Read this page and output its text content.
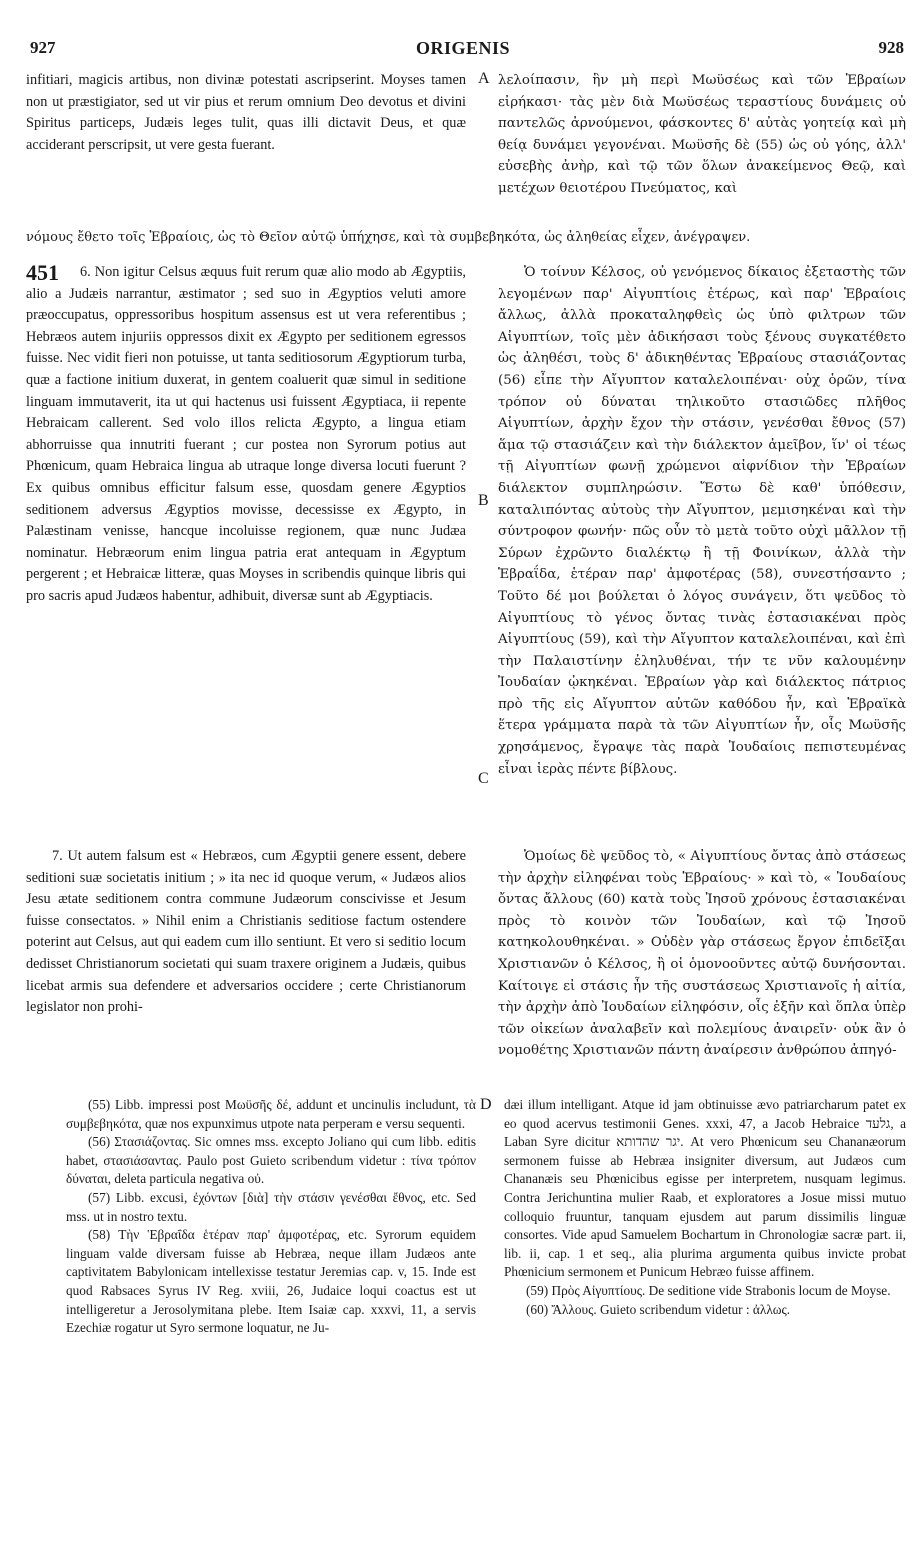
927	ORIGENIS	928

infitiari, magicis artibus, non divinæ potestati ascripserint. Moyses tamen non ut præstigiator, sed ut vir pius et rerum omnium Deo devotus et divini Spiritus particeps, Judæis leges tulit, quas illi dictavit Deus, et quæ acciderant perscripsit, ut vere gesta fuerant.

A λελοίπασιν, ἣν μὴ περὶ Μωϋσέως καὶ τῶν Ἑβραίων εἰρήκασι· τὰς μὲν διὰ Μωϋσέως τεραστίους δυνάμεις οὐ παντελῶς ἀρνούμενοι, φάσκοντες δ' αὐτὰς γοητείᾳ καὶ μὴ θείᾳ δυνάμει γεγονέναι. Μωϋσῆς δὲ (55) ὡς οὐ γόης, ἀλλ' εὐσεβὴς ἀνὴρ, καὶ τῷ τῶν ὅλων ἀνακείμενος Θεῷ, καὶ μετέχων θειοτέρου Πνεύματος, καὶ

νόμους ἔθετο τοῖς Ἑβραίοις, ὡς τὸ Θεῖον αὐτῷ ὑπήχησε, καὶ τὰ συμβεβηκότα, ὡς ἀληθείας εἶχεν, ἀνέγραψεν.
451	6. Non igitur Celsus æquus fuit rerum quæ alio modo ab Ægyptiis, alio a Judæis narrantur, æstimator ; sed suo in Ægyptios veluti amore præoccupatus, oppressoribus hospitum assensus est ut vera referentibus ; Hebræos autem injuriis oppressos dixit ex Ægypto per seditionem egressos fuisse. Nec vidit fieri non potuisse, ut tanta seditiosorum Ægyptiorum turba, quæ a factione initium duxerat, in gentem coaluerit quæ simul in seditione linguam immutaverit, ita ut qui hactenus usi fuissent Ægyptiaca, ii repente Hebraicam callerent. Sed volo illos relicta Ægypto, a lingua etiam abhorruisse qua innutriti fuerant ; cur postea non Syrorum potius aut Phœnicum, quam Hebraica lingua ab utraque longe diversa locuti fuerunt ? Ex quibus omnibus efficitur falsum esse, quosdam genere Ægyptios seditionem adversus Ægyptios movisse, decessisse ex Ægypto, in Palæstinam venisse, hancque incoluisse regionem, quæ nunc Judæa nominatur. Hebræorum enim lingua patria erat antequam in Ægyptum pergerent ; et Hebraicæ litteræ, quas Moyses in scribendis quinque libris qui pro sacris apud Judæos habentur, adhibuit, diversæ sunt ab Ægyptiacis.

Ὁ τοίνυν Κέλσος, οὐ γενόμενος δίκαιος ἐξεταστὴς τῶν λεγομένων παρ' Αἰγυπτίοις ἑτέρως, καὶ παρ' Ἑβραίοις ἄλλως, ἀλλὰ προκαταληφθεὶς ὡς ὑπὸ φιλτρων τῶν Αἰγυπτίων, τοῖς μὲν ἀδικήσασι τοὺς ξένους συγκατέθετο ὡς ἀληθέσι, τοὺς δ' ἀδικηθέντας Ἑβραίους στασιάζοντας (56) εἶπε τὴν Αἴγυπτον καταλελοιπέναι· οὐχ ὁρῶν, τίνα τρόπον οὐ δύναται τηλικοῦτο στασιῶδες πλῆθος Αἰγυπτίων, ἀρχὴν ἔχον τὴν στάσιν, γενέσθαι ἔθνος (57) ἅμα τῷ στασιάζειν καὶ τὴν διάλεκτον ἀμεῖβον, ἵν' οἱ τέως τῇ Αἰγυπτίων φωνῇ χρώμενοι αἰφνίδιον τὴν Ἑβραίων διάλεκτον συμπληρώσιν. Ἔστω δὲ καθ' ὑπόθεσιν, καταλιπόντας αὐτοὺς τὴν Αἴγυπτον, μεμισηκέναι καὶ τὴν σύντροφον φωνήν· πῶς οὖν τὸ μετὰ τοῦτο οὐχὶ μᾶλλον τῇ Σύρων ἐχρῶντο διαλέκτῳ ἢ τῇ Φοινίκων, ἀλλὰ τὴν Ἑβραΐδα, ἑτέραν παρ' ἀμφοτέρας (58), συνεστήσαντο ; Τοῦτο δέ μοι βούλεται ὁ λόγος συνάγειν, ὅτι ψεῦδος τὸ Αἰγυπτίους τὸ γένος ὄντας τινὰς ἐστασιακέναι πρὸς Αἰγυπτίους (59), καὶ τὴν Αἴγυπτον καταλελοιπέναι, καὶ ἐπὶ τὴν Παλαιστίνην ἐληλυθέναι, τήν τε νῦν καλουμένην Ἰουδαίαν ᾠκηκέναι. Ἑβραίων γὰρ καὶ διάλεκτος πάτριος πρὸ τῆς εἰς Αἴγυπτον αὐτῶν καθόδου ἦν, καὶ Ἑβραϊκὰ ἕτερα γράμματα παρὰ τὰ τῶν Αἰγυπτίων ἦν, οἷς Μωϋσῆς χρησάμενος, ἔγραψε τὰς παρὰ Ἰουδαίοις πεπιστευμένας εἶναι ἱερὰς πέντε βίβλους.

B
C

7. Ut autem falsum est « Hebræos, cum Ægyptii genere essent, debere seditioni suæ societatis initium ; » ita nec id quoque verum, « Judæos alios Jesu ætate seditionem contra commune Judæorum conscivisse et Jesum fuisse consectatos. » Nihil enim a Christianis seditiose factum ostendere poterint aut Celsus, aut qui eadem cum illo sentiunt. Et vero si seditio locum dedisset Christianorum societati qui suam traxere originem a Judæis, quibus licebat armis sua defendere et adversarios occidere ; certe Christianorum legislator non prohi-

Ὁμοίως δὲ ψεῦδος τὸ, « Αἰγυπτίους ὄντας ἀπὸ στάσεως τὴν ἀρχὴν εἰληφέναι τοὺς Ἑβραίους· » καὶ τὸ, « Ἰουδαίους ὄντας ἄλλους (60) κατὰ τοὺς Ἰησοῦ χρόνους ἐστασιακέναι πρὸς τὸ κοινὸν τῶν Ἰουδαίων, καὶ τῷ Ἰησοῦ κατηκολουθηκέναι. » Οὐδὲν γὰρ στάσεως ἔργον ἐπιδεῖξαι Χριστιανῶν ὁ Κέλσος, ἢ οἱ ὁμονοοῦντες αὐτῷ δυνήσονται. Καίτοιγε εἰ στάσις ἦν τῆς συστάσεως Χριστιανοῖς ἡ αἰτία, τὴν ἀρχὴν ἀπὸ Ἰουδαίων εἰληφόσιν, οἷς ἐξῆν καὶ ὅπλα ὑπὲρ τῶν οἰκείων ἀναλαβεῖν καὶ πολεμίους ἀναιρεῖν· οὐκ ἂν ὁ νομοθέτης Χριστιανῶν πάντη ἀναίρεσιν ἀνθρώπου ἀπηγό-

D

(55) Libb. impressi post Μωϋσῆς δέ, addunt et uncinulis includunt, τὰ συμβεβηκότα, quæ nos expunximus utpote nata perperam e versu sequenti.

(56) Στασιάζοντας. Sic omnes mss. excepto Joliano qui cum libb. editis habet, στασιάσαντας. Paulo post Guieto scribendum videtur : τίνα τρόπον δύναται, deleta particula negativa οὐ.

(57) Libb. excusi, ἐχόντων [διὰ] τὴν στάσιν γενέσθαι ἔθνος, etc. Sed mss. ut in nostro textu.

(58) Τὴν Ἑβραΐδα ἑτέραν παρ' ἀμφοτέρας, etc. Syrorum equidem linguam valde diversam fuisse ab Hebræa, neque illam Judæos ante captivitatem Babylonicam intellexisse testatur Jeremias cap. v, 15. Inde est quod Rabsaces Syrus IV Reg. xviii, 26, Judaice loqui coactus est ut intelligeretur a Jerosolymitana plebe. Item Isaiæ cap. xxxvi, 11, a servis Ezechiæ rogatur ut Syro sermone loquatur, ne Ju-

dæi illum intelligant. Atque id jam obtinuisse ævo patriarcharum patet ex eo quod acervus testimonii Genes. xxxi, 47, a Jacob Hebraice גלעד, a Laban Syre dicitur יגר שהדותא. At vero Phœnicum seu Chananæorum sermonem fuisse ab Hebræa insigniter diversum, aut Judæos cum Chananæis seu Phœnicibus egisse per interpretem, nusquam legimus. Contra Jerichuntina mulier Raab, et exploratores a Josue missi mutuo colloquio fruuntur, tanquam ejusdem aut parum dissimilis linguæ consortes. Vide apud Samuelem Bochartum in Chronologiæ sacræ part. ii, lib. ii, cap. 1 et seq., alia plurima argumenta quibus invicte probat Phœnicium sermonem et Punicum Hebræo fuisse affinem.

(59) Πρὸς Αἰγυπτίους. De seditione vide Strabonis locum de Moyse.

(60) Ἄλλους. Guieto scribendum videtur : ἀλλως.
